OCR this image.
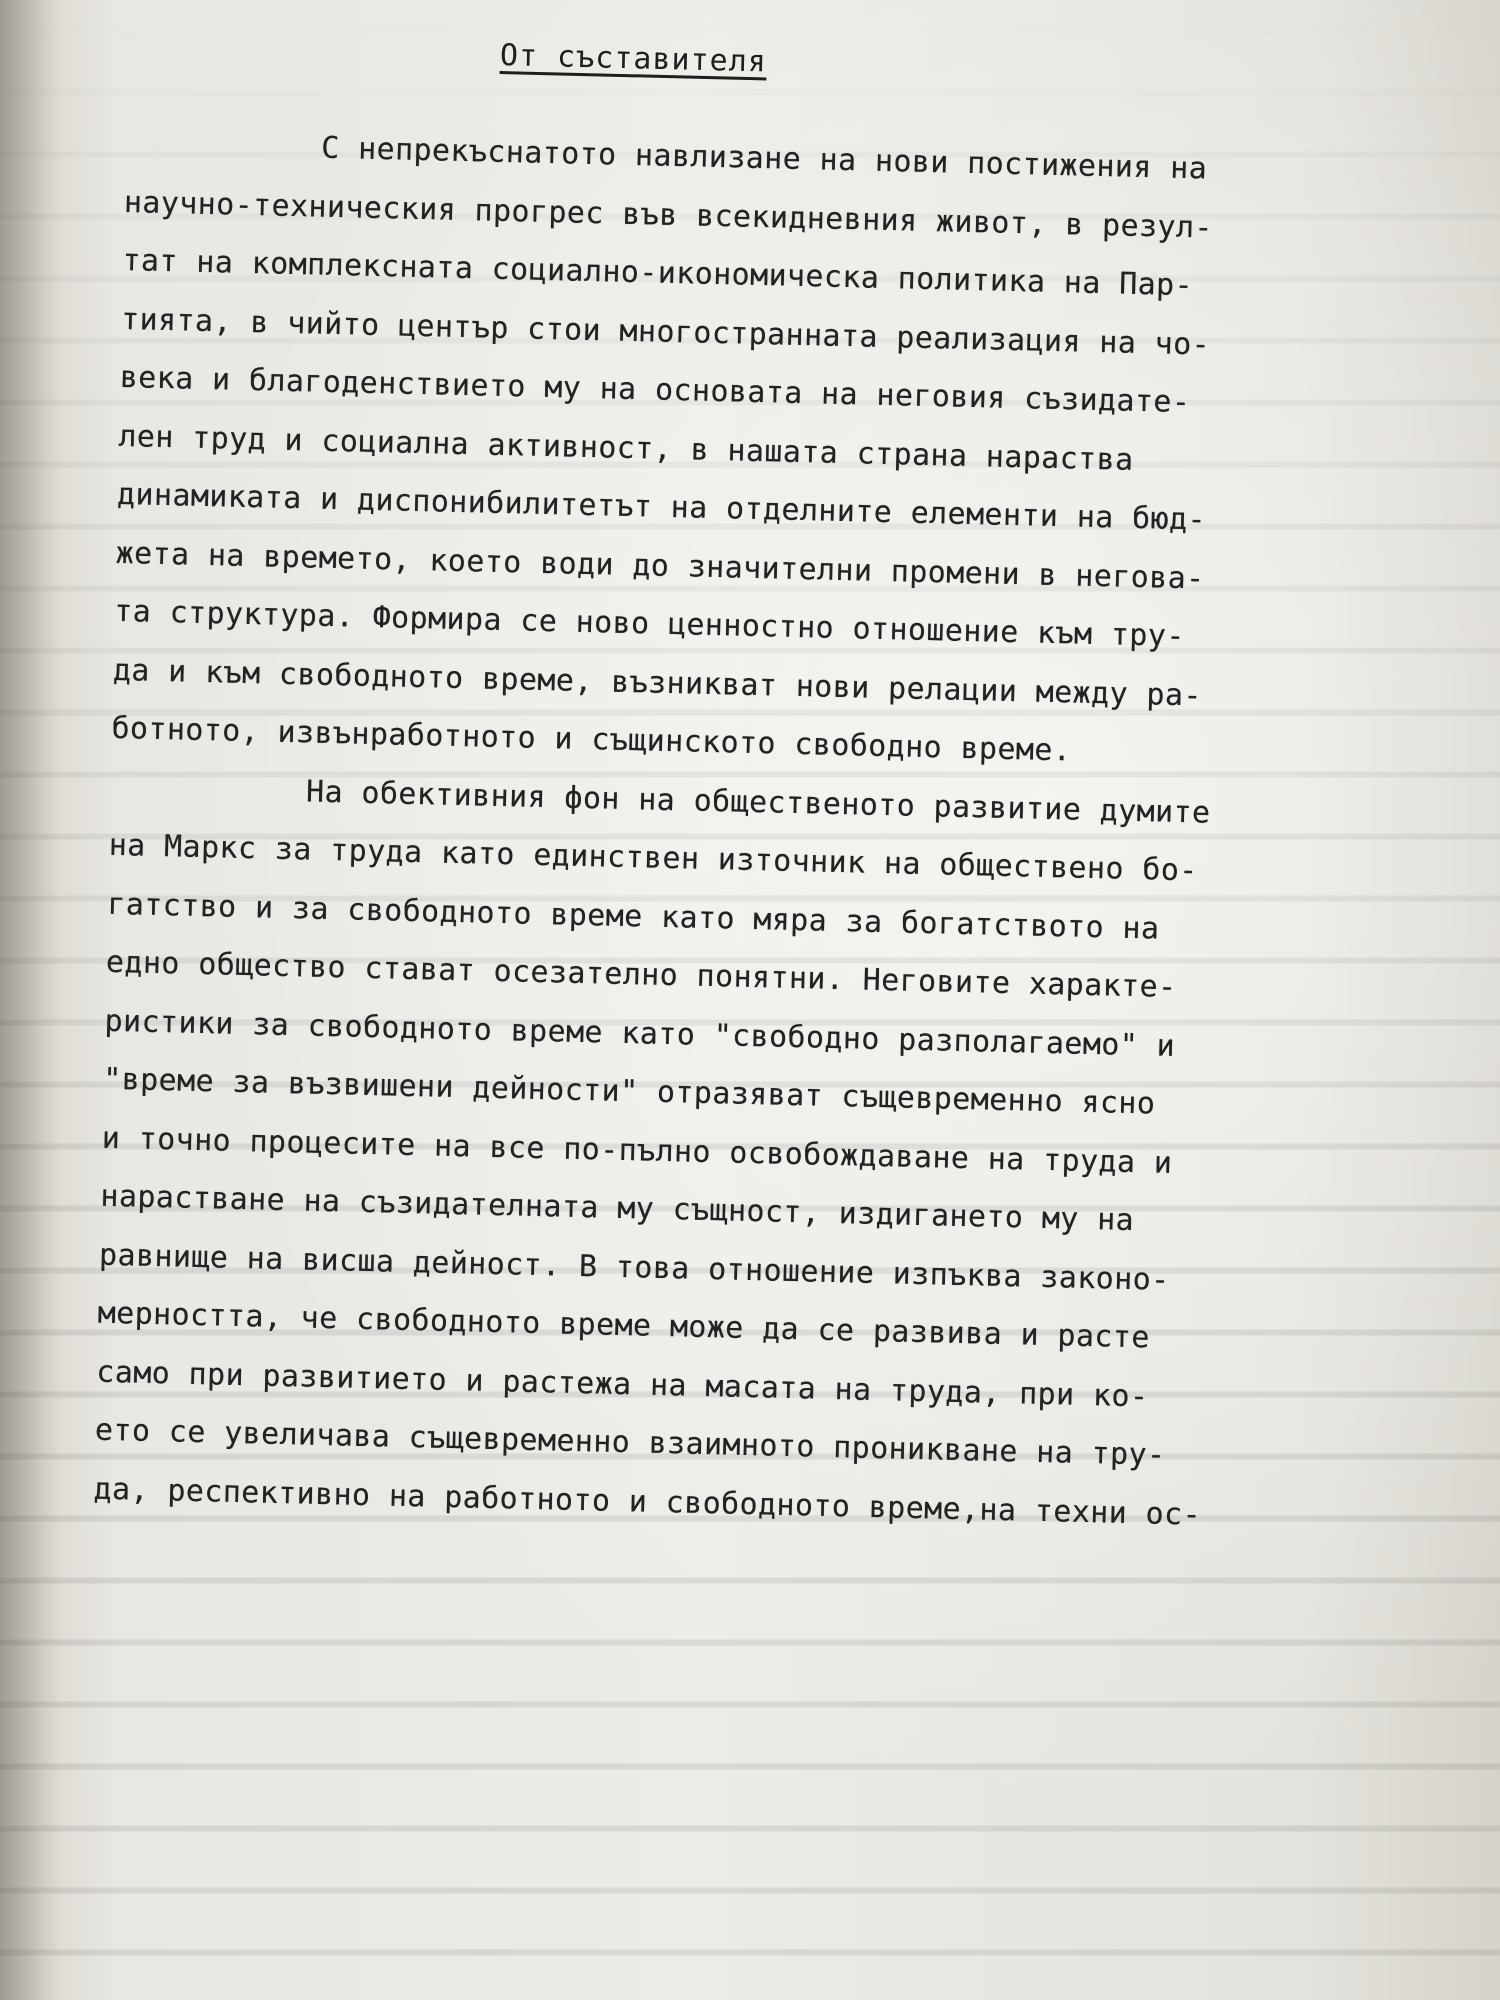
От съставителя
С непрекъснатото навлизане на нови постижения на
научно-техническия прогрес във всекидневния живот, в резул-
тат на комплексната социално-икономическа политика на Пар-
тията, в чийто център стои многостранната реализация на чо-
века и благоденствието му на основата на неговия съзидате-
лен труд и социална активност, в нашата страна нараства
динамиката и диспонибилитетът на отделните елементи на бюд-
жета на времето, което води до значителни промени в негова-
та структура. Формира се ново ценностно отношение към тру-
да и към свободното време, възникват нови релации между ра-
ботното, извънработното и същинското свободно време.
На обективния фон на общественото развитие думите
на Маркс за труда като единствен източник на обществено бо-
гатство и за свободното време като мяра за богатството на
едно общество стават осезателно понятни. Неговите характе-
ристики за свободното време като "свободно разполагаемо" и
"време за възвишени дейности" отразяват същевременно ясно
и точно процесите на все по-пълно освобождаване на труда и
нарастване на съзидателната му същност, издигането му на
равнище на висша дейност. В това отношение изпъква законо-
мерността, че свободното време може да се развива и расте
само при развитието и растежа на масата на труда, при ко-
ето се увеличава същевременно взаимното проникване на тру-
да, респективно на работното и свободното време,на техни ос-
